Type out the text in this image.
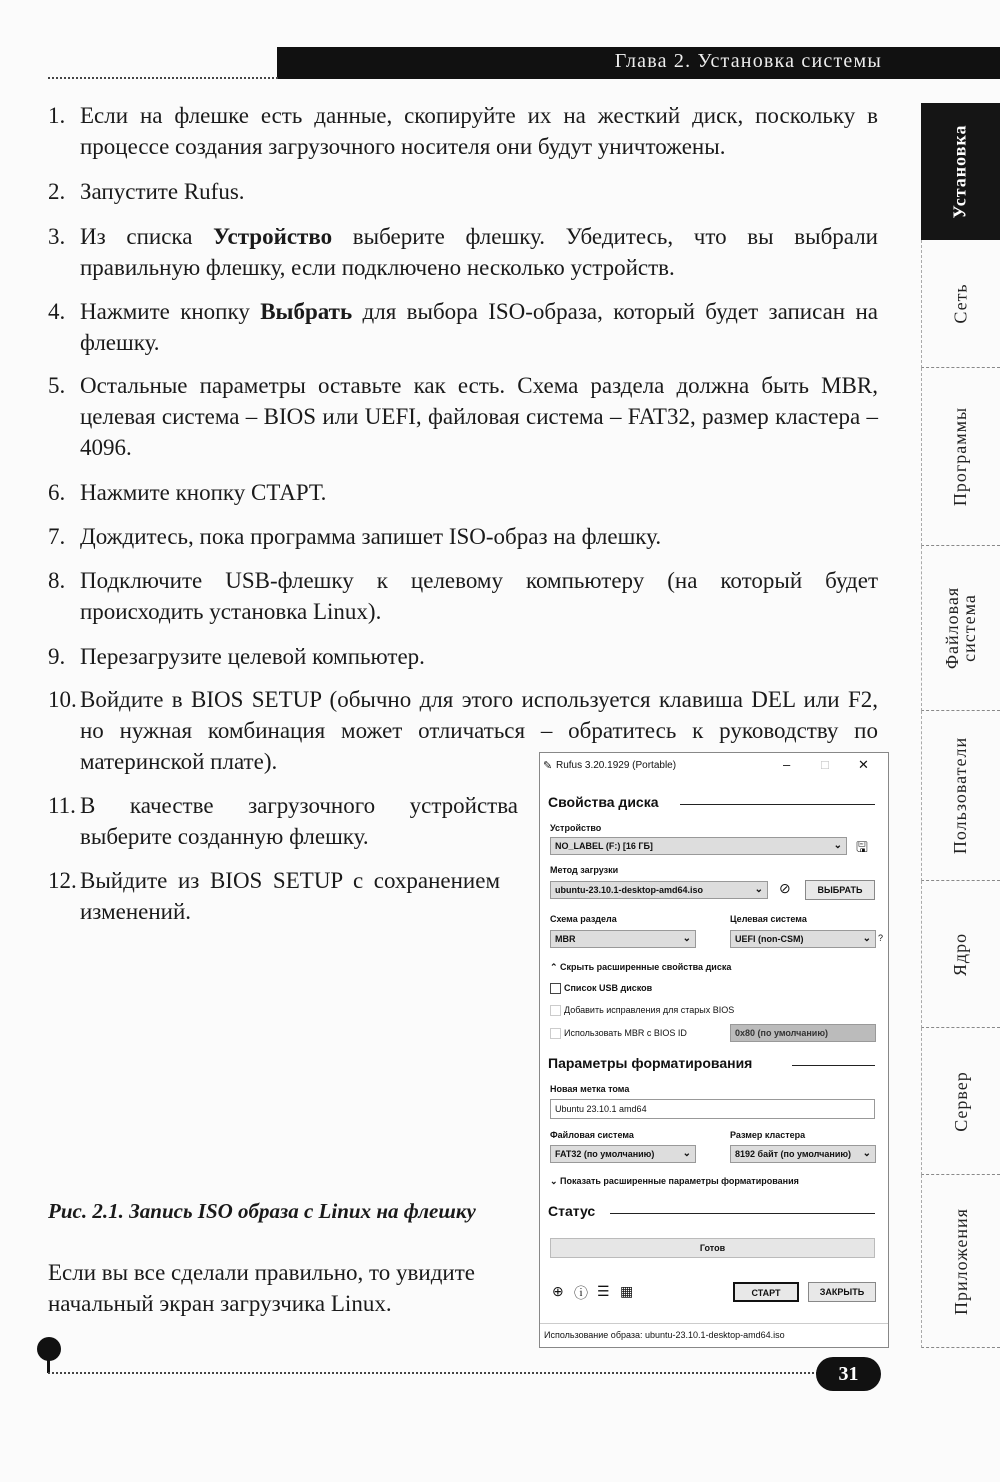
Глава 2. Установка системы
Установка
Сеть
Программы
Файловая система
Пользователи
Ядро
Сервер
Приложения
1. Если на флешке есть данные, скопируйте их на жесткий диск, поскольку в процессе создания загрузочного носителя они будут уничтожены.
2. Запустите Rufus.
3. Из списка Устройство выберите флешку. Убедитесь, что вы выбрали правильную флешку, если подключено несколько устройств.
4. Нажмите кнопку Выбрать для выбора ISO-образа, который будет записан на флешку.
5. Остальные параметры оставьте как есть. Схема раздела должна быть MBR, целевая система – BIOS или UEFI, файловая система – FAT32, размер кластера – 4096.
6. Нажмите кнопку СТАРТ.
7. Дождитесь, пока программа запишет ISO-образ на флешку.
8. Подключите USB-флешку к целевому компьютеру (на который будет происходить установка Linux).
9. Перезагрузите целевой компьютер.
10. Войдите в BIOS SETUP (обычно для этого используется клавиша DEL или F2, но нужная комбинация может отличаться – обратитесь к руководству по материнской плате).
11. В качестве загрузочного устройства выберите созданную флешку.
12. Выйдите из BIOS SETUP с сохранением изменений.
Рис. 2.1. Запись ISO образа с Linux на флешку
Если вы все сделали правильно, то увидите начальный экран загрузчика Linux.
31
✎ Rufus 3.20.1929 (Portable)	– □ ✕
Свойства диска
Устройство
NO_LABEL (F:) [16 ГБ]	⌄ 🖫
Метод загрузки
ubuntu-23.10.1-desktop-amd64.iso	⌄ ⊘	ВЫБРАТЬ
Схема раздела
MBR	⌄
Целевая система
UEFI (non-CSM)	⌄ ?
⌃ Скрыть расширенные свойства диска
Список USB дисков
Добавить исправления для старых BIOS
Использовать MBR с BIOS ID	0x80 (по умолчанию)
Параметры форматирования
Новая метка тома
Ubuntu 23.10.1 amd64
Файловая система
FAT32 (по умолчанию)	⌄
Размер кластера
8192 байт (по умолчанию) ⌄
⌄ Показать расширенные параметры форматирования
Статус
Готов
⊕ ⓘ ☰ ▦	СТАРТ	ЗАКРЫТЬ
Использование образа: ubuntu-23.10.1-desktop-amd64.iso
